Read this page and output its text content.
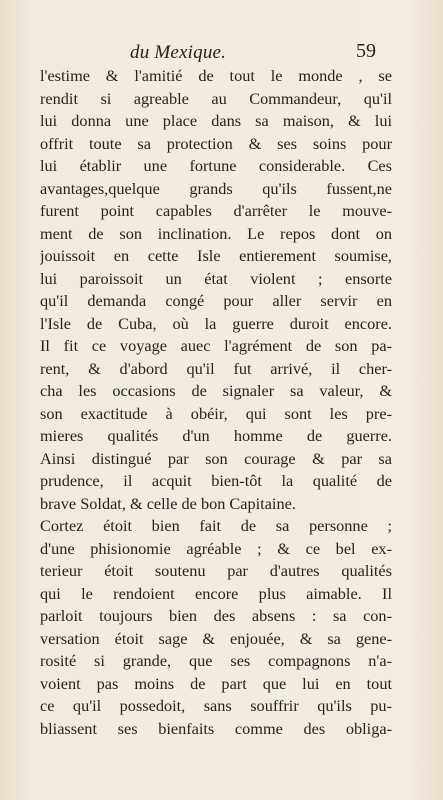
du Mexique.	59
l'estime & l'amitié de tout le monde , se
rendit si agreable au Commandeur, qu'il
lui donna une place dans sa maison, & lui
offrit toute sa protection & ses soins pour
lui établir une fortune considerable. Ces
avantages,quelque grands qu'ils fussent,ne
furent point capables d'arrêter le mouve-
ment de son inclination. Le repos dont on
jouissoit en cette Isle entierement soumise,
lui paroissoit un état violent ; ensorte
qu'il demanda congé pour aller servir en
l'Isle de Cuba, où la guerre duroit encore.
Il fit ce voyage auec l'agrément de son pa-
rent, & d'abord qu'il fut arrivé, il cher-
cha les occasions de signaler sa valeur, &
son exactitude à obéir, qui sont les pre-
mieres qualités d'un homme de guerre.
Ainsi distingué par son courage & par sa
prudence, il acquit bien-tôt la qualité de
brave Soldat, & celle de bon Capitaine.
Cortez étoit bien fait de sa personne ;
d'une phisionomie agréable ; & ce bel ex-
terieur étoit soutenu par d'autres qualités
qui le rendoient encore plus aimable. Il
parloit toujours bien des absens : sa con-
versation étoit sage & enjouée, & sa gene-
rosité si grande, que ses compagnons n'a-
voient pas moins de part que lui en tout
ce qu'il possedoit, sans souffrir qu'ils pu-
bliassent ses bienfaits comme des obliga-
